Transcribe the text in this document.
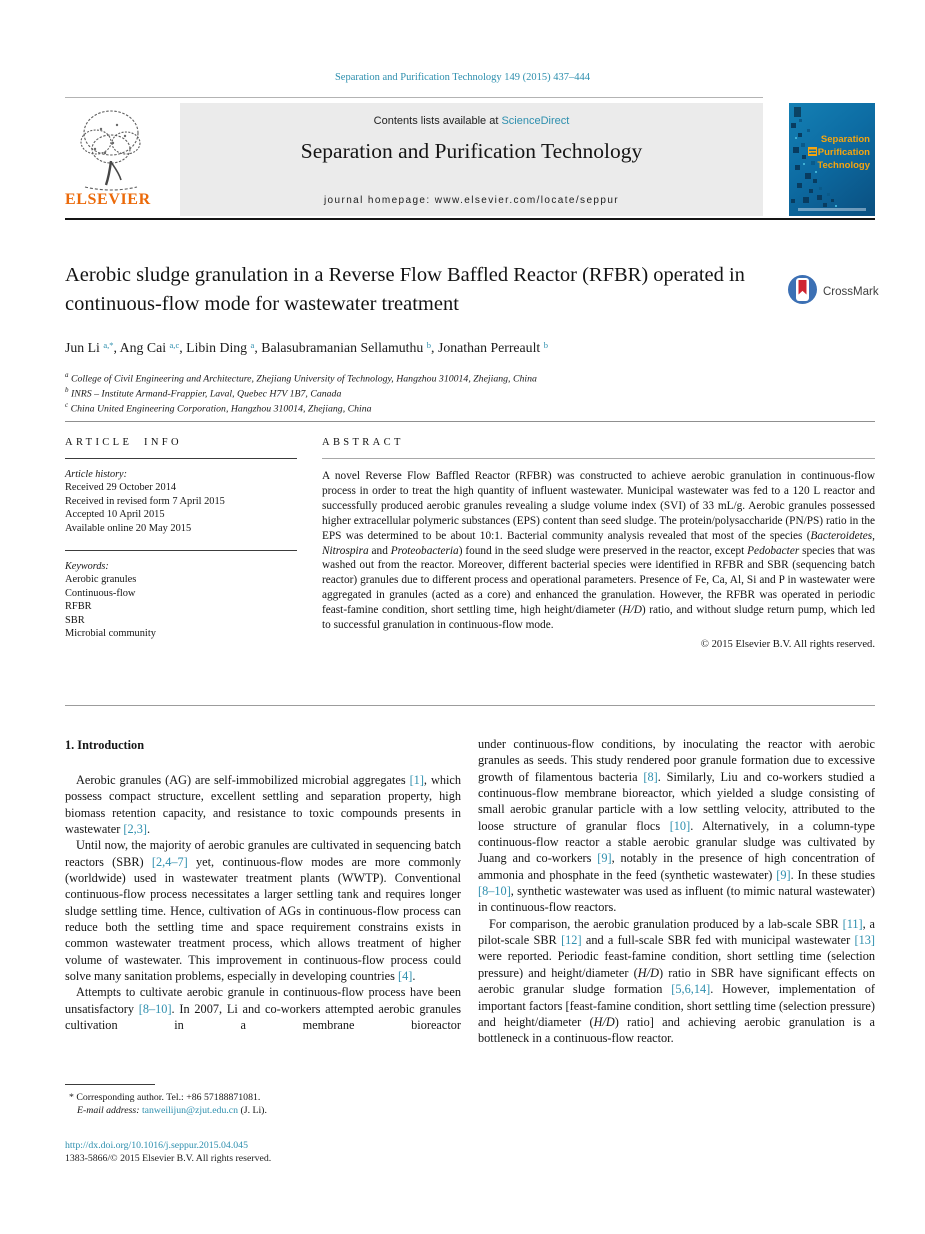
Separation and Purification Technology 149 (2015) 437–444
ELSEVIER
Contents lists available at ScienceDirect
Separation and Purification Technology
journal homepage: www.elsevier.com/locate/seppur
Separation
Purification
Technology
Aerobic sludge granulation in a Reverse Flow Baffled Reactor (RFBR) operated in continuous-flow mode for wastewater treatment
CrossMark
Jun Li $^{a,*}$, Ang Cai $^{a,c}$, Libin Ding $^a$, Balasubramanian Sellamuthu $^b$, Jonathan Perreault $^b$
$^a$ College of Civil Engineering and Architecture, Zhejiang University of Technology, Hangzhou 310014, Zhejiang, China
$^b$ INRS – Institute Armand-Frappier, Laval, Quebec H7V 1B7, Canada
$^c$ China United Engineering Corporation, Hangzhou 310014, Zhejiang, China
ARTICLE INFO
Article history:
Received 29 October 2014
Received in revised form 7 April 2015
Accepted 10 April 2015
Available online 20 May 2015
Keywords:
Aerobic granules
Continuous-flow
RFBR
SBR
Microbial community
ABSTRACT
A novel Reverse Flow Baffled Reactor (RFBR) was constructed to achieve aerobic granulation in continuous-flow process in order to treat the high quantity of influent wastewater. Municipal wastewater was fed to a 120 L reactor and successfully produced aerobic granules revealing a sludge volume index (SVI) of 33 mL/g. Aerobic granules possessed higher extracellular polymeric substances (EPS) content than seed sludge. The protein/polysaccharide (PN/PS) ratio in the EPS was determined to be about 10:1. Bacterial community analysis revealed that most of the species (Bacteroidetes, Nitrospira and Proteobacteria) found in the seed sludge were preserved in the reactor, except Pedobacter species that was washed out from the reactor. Moreover, different bacterial species were identified in RFBR and SBR (sequencing batch reactor) granules due to different process and operational parameters. Presence of Fe, Ca, Al, Si and P in wastewater were aggregated in granules (acted as a core) and enhanced the granulation. However, the RFBR was operated in periodic feast-famine condition, short settling time, high height/diameter (H/D) ratio, and without sludge return pump, which led to successful granulation in continuous-flow mode.
© 2015 Elsevier B.V. All rights reserved.
1. Introduction

Aerobic granules (AG) are self-immobilized microbial aggregates [1], which possess compact structure, excellent settling and separation property, high biomass retention capacity, and resistance to toxic compounds presents in wastewater [2,3].

Until now, the majority of aerobic granules are cultivated in sequencing batch reactors (SBR) [2,4–7] yet, continuous-flow modes are more commonly (worldwide) used in wastewater treatment plants (WWTP). Conventional continuous-flow process necessitates a larger settling tank and requires longer sludge settling time. Hence, cultivation of AGs in continuous-flow process can reduce both the settling time and space requirement constrains exists in common wastewater treatment process, which allows treatment of higher volume of wastewater. This improvement in continuous-flow process could solve many sanitation problems, especially in developing countries [4].

Attempts to cultivate aerobic granule in continuous-flow process have been unsatisfactory [8–10]. In 2007, Li and co-workers attempted aerobic granules cultivation in a membrane bioreactor

under continuous-flow conditions, by inoculating the reactor with aerobic granules as seeds. This study rendered poor granule formation due to excessive growth of filamentous bacteria [8]. Similarly, Liu and co-workers studied a continuous-flow membrane bioreactor, which yielded a sludge consisting of small aerobic granular particle with a low settling velocity, attributed to the loose structure of granular flocs [10]. Alternatively, in a column-type continuous-flow reactor a stable aerobic granular sludge was cultivated by Juang and co-workers [9], notably in the presence of high concentration of ammonia and phosphate in the feed (synthetic wastewater) [9]. In these studies [8–10], synthetic wastewater was used as influent (to mimic natural wastewater) in continuous-flow reactors.

For comparison, the aerobic granulation produced by a lab-scale SBR [11], a pilot-scale SBR [12] and a full-scale SBR fed with municipal wastewater [13] were reported. Periodic feast-famine condition, short settling time (selection pressure) and height/diameter (H/D) ratio in SBR have significant effects on aerobic granular sludge formation [5,6,14]. However, implementation of important factors [feast-famine condition, short settling time (selection pressure) and height/diameter (H/D) ratio] and achieving aerobic granulation is a bottleneck in a continuous-flow reactor.

* Corresponding author. Tel.: +86 57188871081.
E-mail address: tanweilijun@zjut.edu.cn (J. Li).
http://dx.doi.org/10.1016/j.seppur.2015.04.045
1383-5866/© 2015 Elsevier B.V. All rights reserved.
